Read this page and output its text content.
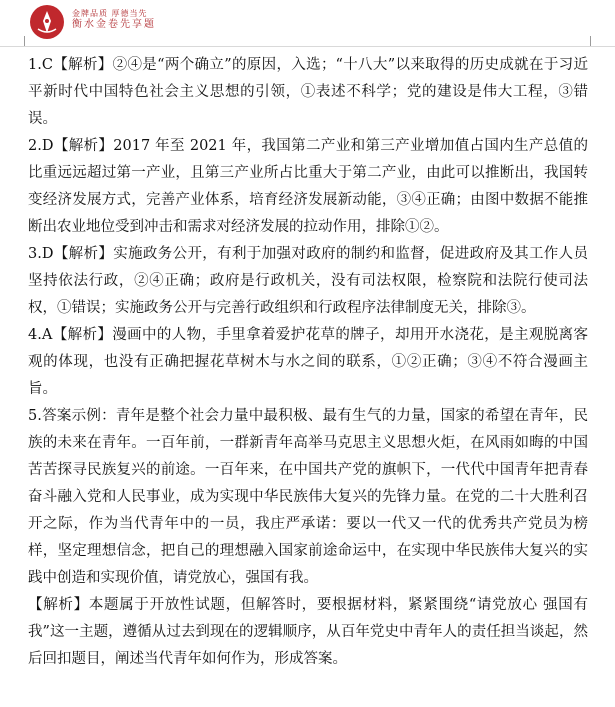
金牌品质 厚德当先
衡水金卷先享题

1.C【解析】②④是“两个确立”的原因，入选；“十八大”以来取得的历史成就在于习近平新时代中国特色社会主义思想的引领，①表述不科学；党的建设是伟大工程，③错误。

2.D【解析】2017 年至 2021 年，我国第二产业和第三产业增加值占国内生产总值的比重远远超过第一产业，且第三产业所占比重大于第二产业，由此可以推断出，我国转变经济发展方式，完善产业体系，培育经济发展新动能，③④正确；由图中数据不能推断出农业地位受到冲击和需求对经济发展的拉动作用，排除①②。

3.D【解析】实施政务公开，有利于加强对政府的制约和监督，促进政府及其工作人员坚持依法行政，②④正确；政府是行政机关，没有司法权限，检察院和法院行使司法权，①错误；实施政务公开与完善行政组织和行政程序法律制度无关，排除③。

4.A【解析】漫画中的人物，手里拿着爱护花草的牌子，却用开水浇花，是主观脱离客观的体现，也没有正确把握花草树木与水之间的联系，①②正确；③④不符合漫画主旨。

5.答案示例：青年是整个社会力量中最积极、最有生气的力量，国家的希望在青年，民族的未来在青年。一百年前，一群新青年高举马克思主义思想火炬，在风雨如晦的中国苦苦探寻民族复兴的前途。一百年来，在中国共产党的旗帜下，一代代中国青年把青春奋斗融入党和人民事业，成为实现中华民族伟大复兴的先锋力量。在党的二十大胜利召开之际，作为当代青年中的一员，我庄严承诺：要以一代又一代的优秀共产党员为榜样，坚定理想信念，把自己的理想融入国家前途命运中，在实现中华民族伟大复兴的实践中创造和实现价值，请党放心，强国有我。

【解析】本题属于开放性试题，但解答时，要根据材料，紧紧围绕“请党放心 强国有我”这一主题，遵循从过去到现在的逻辑顺序，从百年党史中青年人的责任担当谈起，然后回扣题目，阐述当代青年如何作为，形成答案。
